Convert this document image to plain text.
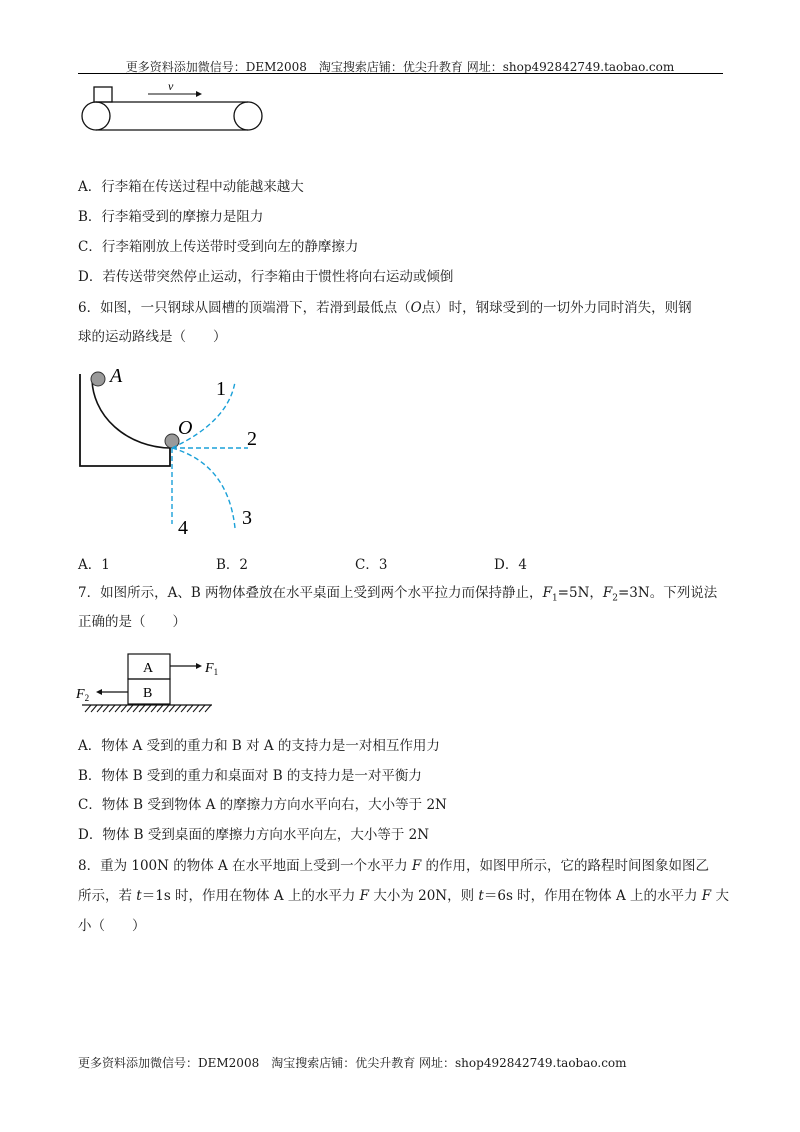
更多资料添加微信号：DEM2008　淘宝搜索店铺：优尖升教育 网址：shop492842749.taobao.com
v
A．行李箱在传送过程中动能越来越大
B．行李箱受到的摩擦力是阻力
C．行李箱刚放上传送带时受到向左的静摩擦力
D．若传送带突然停止运动，行李箱由于惯性将向右运动或倾倒
6．如图，一只钢球从圆槽的顶端滑下，若滑到最低点（O点）时，钢球受到的一切外力同时消失，则钢
球的运动路线是（　　）
A
O
1
2
3
4
A．1	B．2	C．3	D．4
7．如图所示，A、B 两物体叠放在水平桌面上受到两个水平拉力而保持静止，$F_1=5N$，$F_2=3N$。下列说法
正确的是（　　）
A
B
$F_1$
$F_2$
A．物体 A 受到的重力和 B 对 A 的支持力是一对相互作用力
B．物体 B 受到的重力和桌面对 B 的支持力是一对平衡力
C．物体 B 受到物体 A 的摩擦力方向水平向右，大小等于 2N
D．物体 B 受到桌面的摩擦力方向水平向左，大小等于 2N
8．重为 100N 的物体 A 在水平地面上受到一个水平力 F 的作用，如图甲所示，它的路程时间图象如图乙
所示，若 t＝1s 时，作用在物体 A 上的水平力 F 大小为 20N，则 t＝6s 时，作用在物体 A 上的水平力 F 大
小（　　）
更多资料添加微信号：DEM2008　淘宝搜索店铺：优尖升教育 网址：shop492842749.taobao.com
